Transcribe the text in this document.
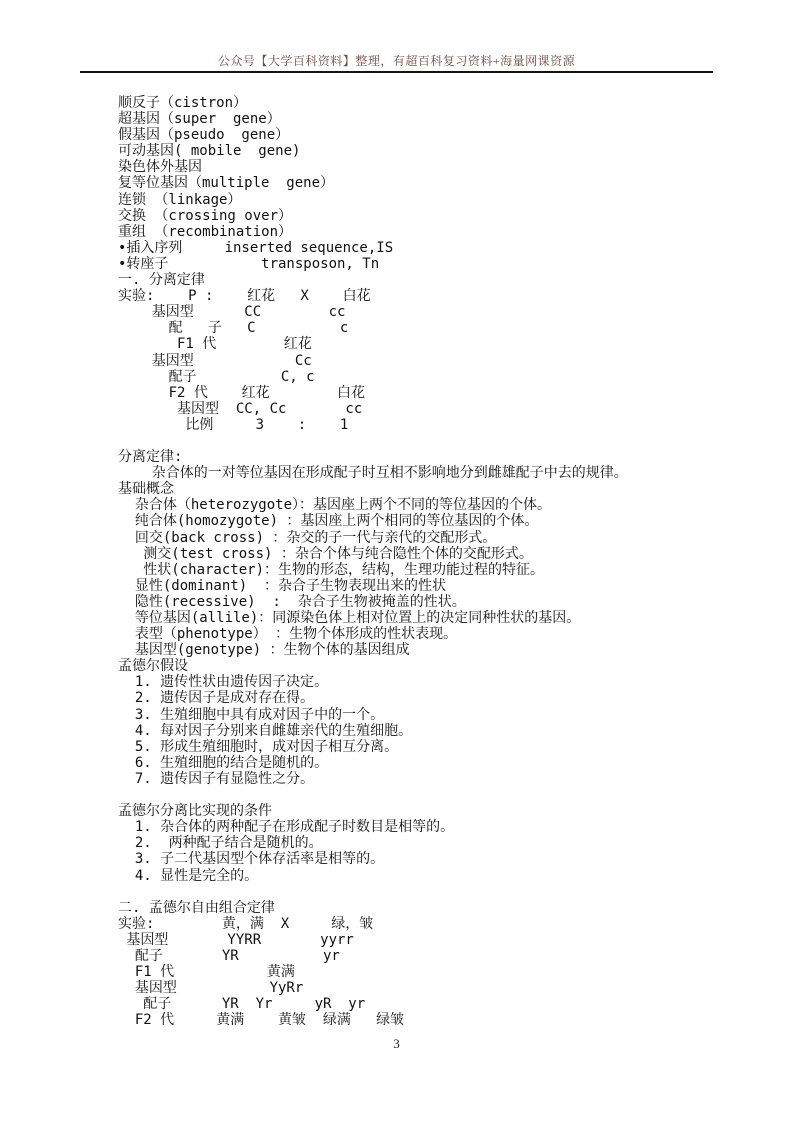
公众号【大学百科资料】整理，有超百科复习资料+海量网课资源
顺反子（cistron）
超基因（super  gene）
假基因（pseudo  gene）
可动基因( mobile  gene)
染色体外基因
复等位基因（multiple  gene）
连锁 （linkage）
交换 （crossing over）
重组 （recombination）
•插入序列     inserted sequence,IS
•转座子           transposon, Tn
一. 分离定律
实验:    P :    红花   X    白花
基因型      CC        cc
配   子   C          c
F1 代        红花
基因型            Cc
配子          C, c
F2 代    红花        白花
基因型  CC, Cc       cc
比例     3    :    1

分离定律:
杂合体的一对等位基因在形成配子时互相不影响地分到雌雄配子中去的规律。
基础概念
杂合体（heterozygote）：基因座上两个不同的等位基因的个体。
纯合体(homozygote) ：基因座上两个相同的等位基因的个体。
回交(back cross) ：杂交的子一代与亲代的交配形式。
测交(test cross) ：杂合个体与纯合隐性个体的交配形式。
性状(character)：生物的形态，结构，生理功能过程的特征。
显性(dominant)  ：杂合子生物表现出来的性状
隐性(recessive)  :  杂合子生物被掩盖的性状。
等位基因(allile)：同源染色体上相对位置上的决定同种性状的基因。
表型（phenotype） ：生物个体形成的性状表现。
基因型(genotype) ：生物个体的基因组成
孟德尔假设
1. 遗传性状由遗传因子决定。
2. 遗传因子是成对存在得。
3. 生殖细胞中具有成对因子中的一个。
4. 每对因子分别来自雌雄亲代的生殖细胞。
5. 形成生殖细胞时，成对因子相互分离。
6. 生殖细胞的结合是随机的。
7. 遗传因子有显隐性之分。

孟德尔分离比实现的条件
1. 杂合体的两种配子在形成配子时数目是相等的。
2.  两种配子结合是随机的。
3. 子二代基因型个体存活率是相等的。
4. 显性是完全的。

二. 孟德尔自由组合定律
实验:        黄，满  X     绿，皱
基因型       YYRR       yyrr
配子       YR          yr
F1 代           黄满
基因型           YyRr
配子      YR  Yr     yR  yr
F2 代     黄满    黄皱  绿满   绿皱
3
